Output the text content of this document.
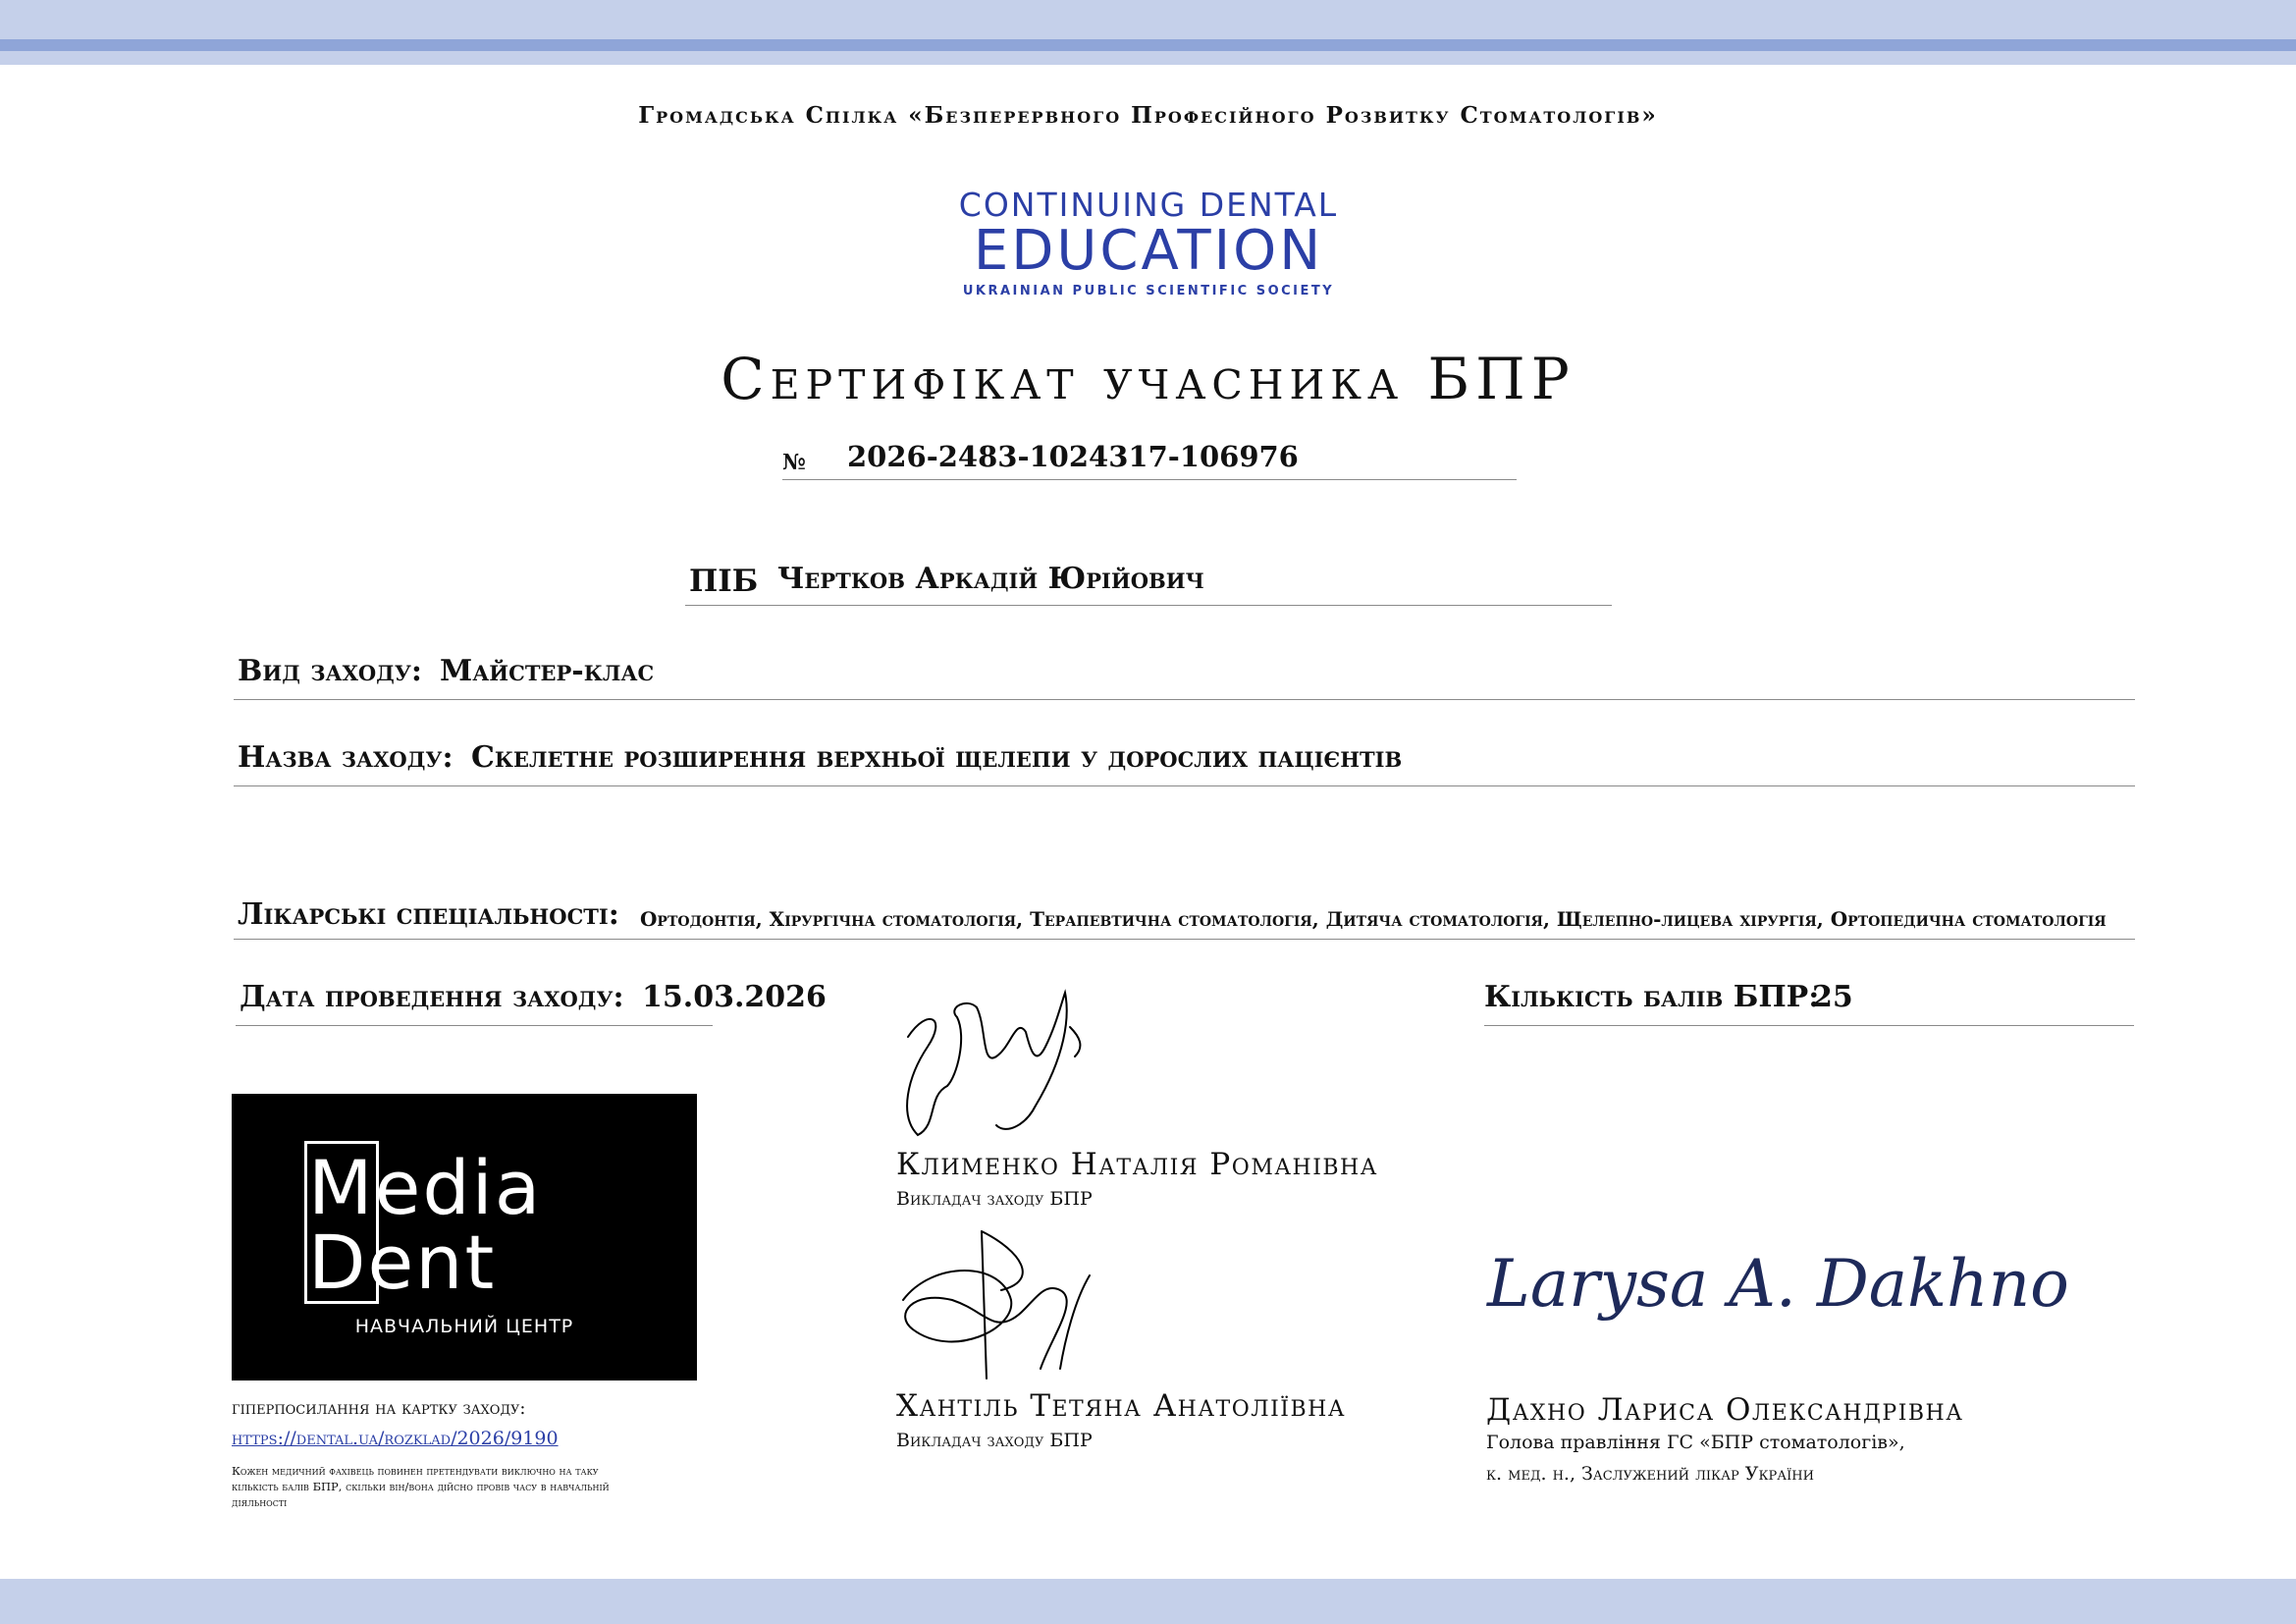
Громадська Спілка «Безперервного Професійного Розвитку Стоматологів»
CONTINUING DENTAL
EDUCATION
UKRAINIAN PUBLIC SCIENTIFIC SOCIETY
Сертифікат учасника БПР
№ 2026-2483-1024317-106976
ПІБ Чертков Аркадій Юрійович
Вид заходу: Майстер-клас
Назва заходу: Скелетне розширення верхньої щелепи у дорослих пацієнтів
Лікарські спеціальності: Ортодонтія, Хірургічна стоматологія, Терапевтична стоматологія, Дитяча стоматологія, Щелепно-лицева хірургія, Ортопедична стоматологія
Дата проведення заходу: 15.03.2026	Кількість балів БПР:
25
Media
Dent
НАВЧАЛЬНИЙ ЦЕНТР
гіперпосилання на картку заходу:
https://dental.ua/rozklad/2026/9190
Кожен медичний фахівець повинен претендувати виключно на таку кількість балів БПР, скільки він/вона дійсно провів часу в навчальній діяльності
Клименко Наталія Романівна
Викладач заходу БПР
Хантіль Тетяна Анатоліївна
Викладач заходу БПР
Larysa A. Dakhno
Дахно Лариса Олександрівна
Голова правління ГС «БПР стоматологів»,
к. мед. н., Заслужений лікар України
